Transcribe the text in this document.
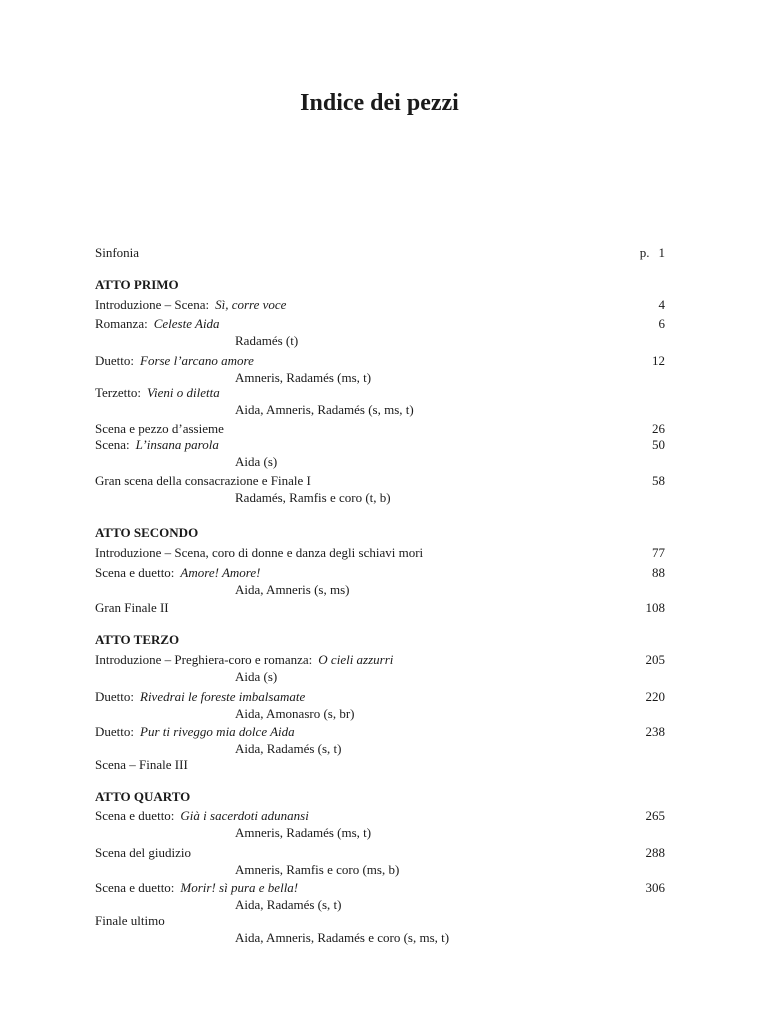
Indice dei pezzi
Sinfonia	p. 1
ATTO PRIMO
Introduzione – Scena: Sì, corre voce	4
Romanza: Celeste Aida	6
Radamés (t)
Duetto: Forse l’arcano amore	12
Amneris, Radamés (ms, t)
Terzetto: Vieni o diletta
Aida, Amneris, Radamés (s, ms, t)
Scena e pezzo d’assieme	26
Scena: L’insana parola	50
Aida (s)
Gran scena della consacrazione e Finale I	58
Radamés, Ramfis e coro (t, b)
ATTO SECONDO
Introduzione – Scena, coro di donne e danza degli schiavi mori	77
Scena e duetto: Amore! Amore!	88
Aida, Amneris (s, ms)
Gran Finale II	108
ATTO TERZO
Introduzione – Preghiera-coro e romanza: O cieli azzurri	205
Aida (s)
Duetto: Rivedrai le foreste imbalsamate	220
Aida, Amonasro (s, br)
Duetto: Pur ti riveggo mia dolce Aida	238
Aida, Radamés (s, t)
Scena – Finale III
ATTO QUARTO
Scena e duetto: Già i sacerdoti adunansi	265
Amneris, Radamés (ms, t)
Scena del giudizio	288
Amneris, Ramfis e coro (ms, b)
Scena e duetto: Morir! sì pura e bella!	306
Aida, Radamés (s, t)
Finale ultimo
Aida, Amneris, Radamés e coro (s, ms, t)
